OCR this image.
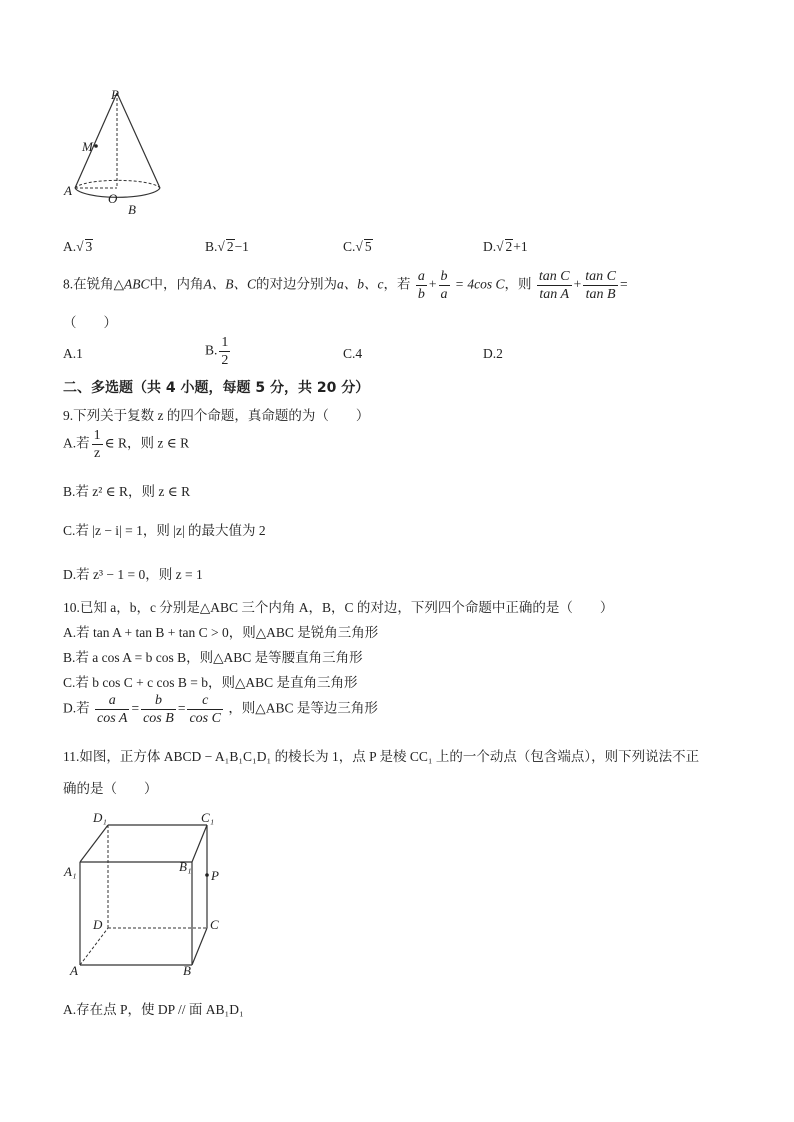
P
M
A
O
B
A.√ 3	B.√ 2−1	C.√ 5	D.√ 2+1
8.在锐角△ABC中，内角A、B、C的对边分别为a、b、c，若 $\frac{a}{b} + \frac{b}{a} = 4\cos$ C，则 $\frac{\text{tan C}}{\text{tan A}} + \frac{\text{tan C}}{\text{tan B}}$ =
（　　）
A.1	B. $\frac{1}{2}$	C.4	D.2
二、多选题（共 4 小题，每题 5 分，共 20 分）
9.下列关于复数 z 的四个命题，真命题的为（　　）
A.若 $\frac{1}{z}$ ∈ R，则 z ∈ R
B.若 z² ∈ R，则 z ∈ R
C.若 |z − i| = 1，则 |z| 的最大值为 2
D.若 z³ − 1 = 0，则 z = 1
10.已知 a，b，c 分别是△ABC 三个内角 A，B，C 的对边，下列四个命题中正确的是（　　）
A.若 tan A + tan B + tan C > 0，则△ABC 是锐角三角形
B.若 a cos A = b cos B，则△ABC 是等腰直角三角形
C.若 b cos C + c cos B = b，则△ABC 是直角三角形
D.若 $\frac{a}{\text{cos A}} = \frac{b}{\text{cos B}} = \frac{c}{\text{cos C}}$ ，则△ABC 是等边三角形
11.如图，正方体 ABCD − A₁B₁C₁D₁ 的棱长为 1，点 P 是棱 CC₁ 上的一个动点（包含端点），则下列说法不正
确的是（　　）
D₁	C₁
A₁	B₁
P
D	C
A	B
A.存在点 P，使 DP // 面 AB₁D₁
